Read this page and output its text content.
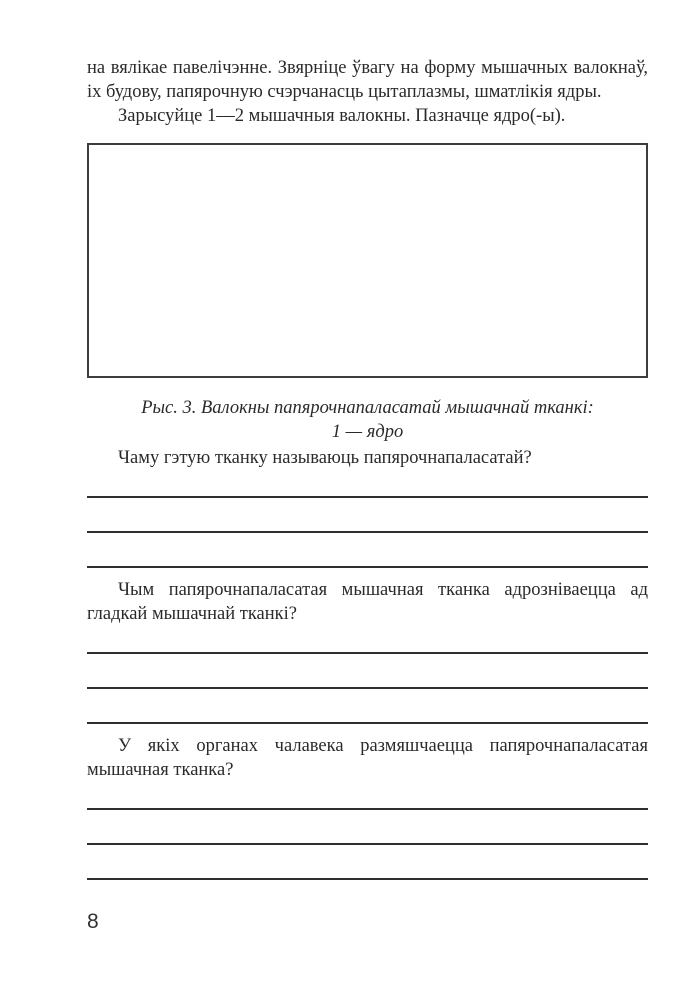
на вялікае павелічэнне. Звярніце ўвагу на форму мышачных валокнаў,
іх будову, папярочную счэрчанасць цытаплазмы, шматлікія ядры.
Зарысуйце 1—2 мышачныя валокны. Пазначце ядро(-ы).
Рыс. 3. Валокны папярочнапаласатай мышачнай тканкі:
1 — ядро
Чаму гэтую тканку называюць папярочнапаласатай?
Чым папярочнапаласатая мышачная тканка адрозніваецца ад
гладкай мышачнай тканкі?
У якіх органах чалавека размяшчаецца папярочнапаласатая
мышачная тканка?
8
